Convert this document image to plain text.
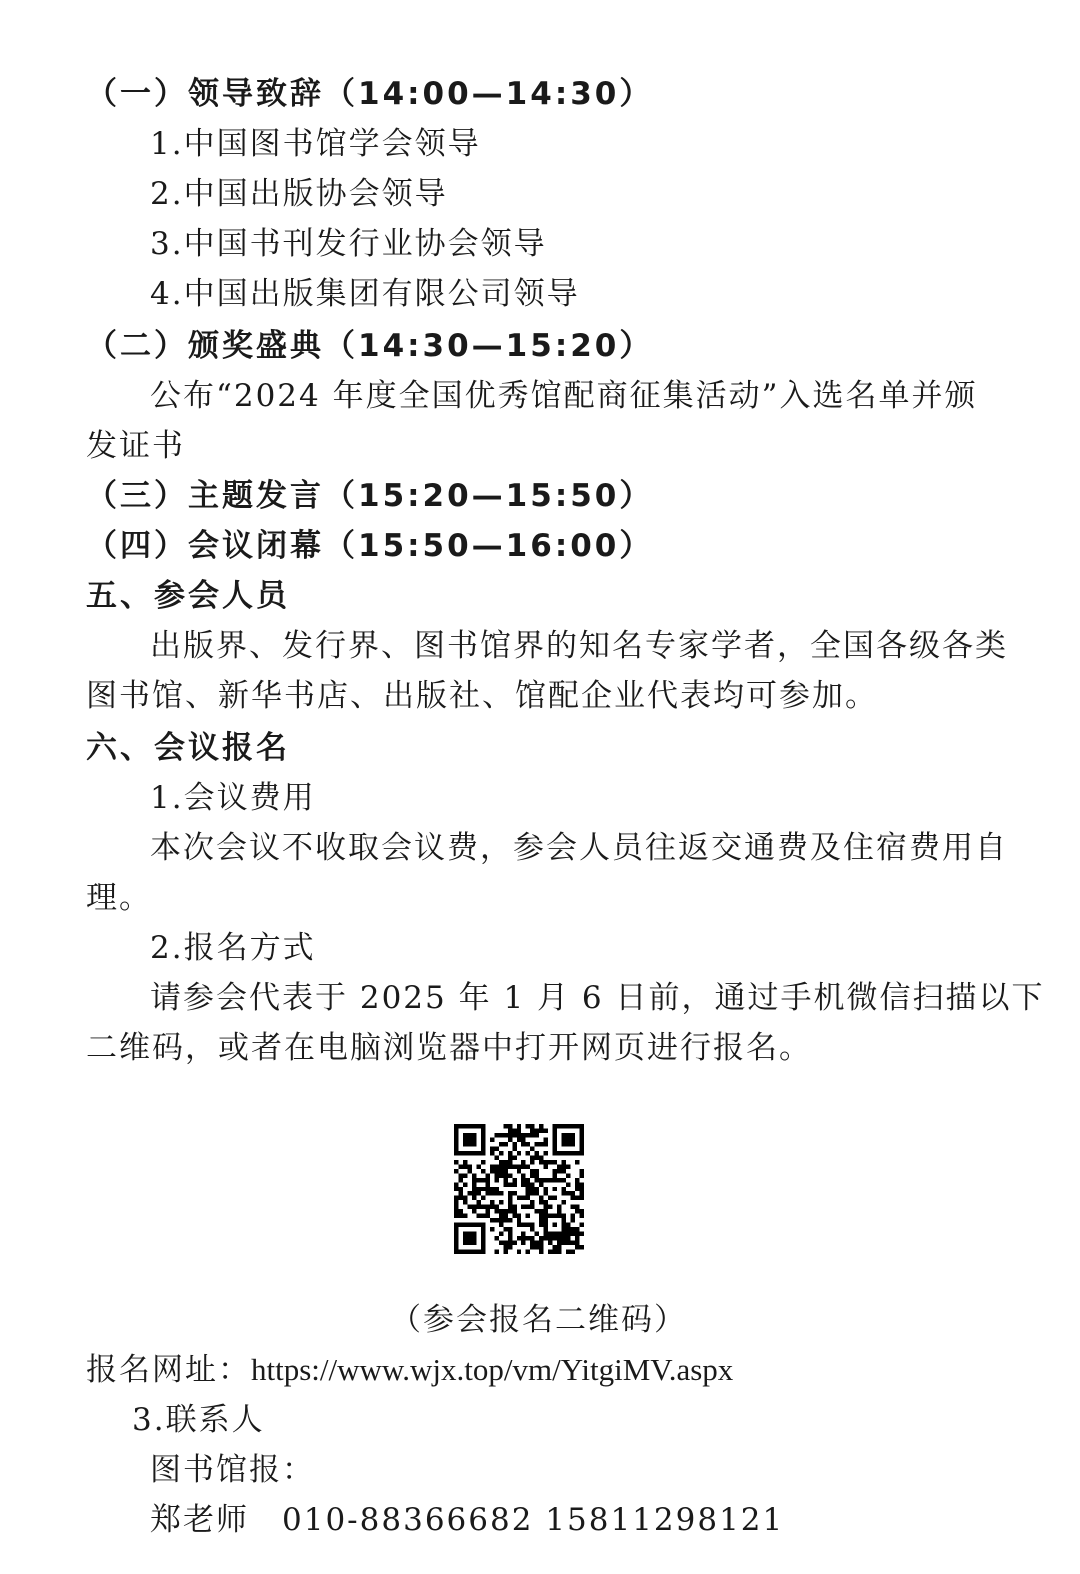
（一）领导致辞（14:00—14:30）
1.中国图书馆学会领导
2.中国出版协会领导
3.中国书刊发行业协会领导
4.中国出版集团有限公司领导
（二）颁奖盛典（14:30—15:20）
公布“2024 年度全国优秀馆配商征集活动”入选名单并颁
发证书
（三）主题发言（15:20—15:50）
（四）会议闭幕（15:50—16:00）
五、参会人员
出版界、发行界、图书馆界的知名专家学者，全国各级各类
图书馆、新华书店、出版社、馆配企业代表均可参加。
六、会议报名
1.会议费用
本次会议不收取会议费，参会人员往返交通费及住宿费用自
理。
2.报名方式
请参会代表于 2025 年 1 月 6 日前，通过手机微信扫描以下
二维码，或者在电脑浏览器中打开网页进行报名。
（参会报名二维码）
报名网址：https://www.wjx.top/vm/YitgiMV.aspx
3.联系人
图书馆报：
郑老师　010-88366682 15811298121
